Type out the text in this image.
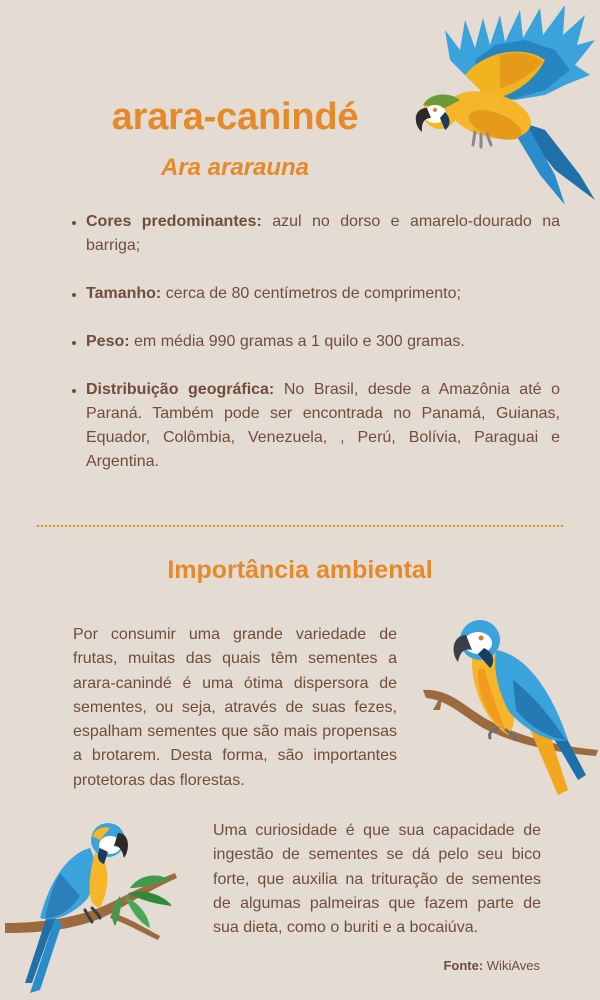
arara-canindé
Ara ararauna
Cores predominantes: azul no dorso e amarelo-dourado na barriga;
Tamanho: cerca de 80 centímetros de comprimento;
Peso: em média 990 gramas a 1 quilo e 300 gramas.
Distribuição geográfica: No Brasil, desde a Amazônia até o Paraná. Também pode ser encontrada no Panamá, Guianas, Equador, Colômbia, Venezuela, , Perú, Bolívia, Paraguai e Argentina.
Importância ambiental

Por consumir uma grande variedade de frutas, muitas das quais têm sementes a arara-canindé é uma ótima dispersora de sementes, ou seja, através de suas fezes, espalham sementes que são mais propensas a brotarem. Desta forma, são importantes protetoras das florestas.

Uma curiosidade é que sua capacidade de ingestão de sementes se dá pelo seu bico forte, que auxilia na trituração de sementes de algumas palmeiras que fazem parte de sua dieta, como o buriti e a bocaiúva.

Fonte: WikiAves
